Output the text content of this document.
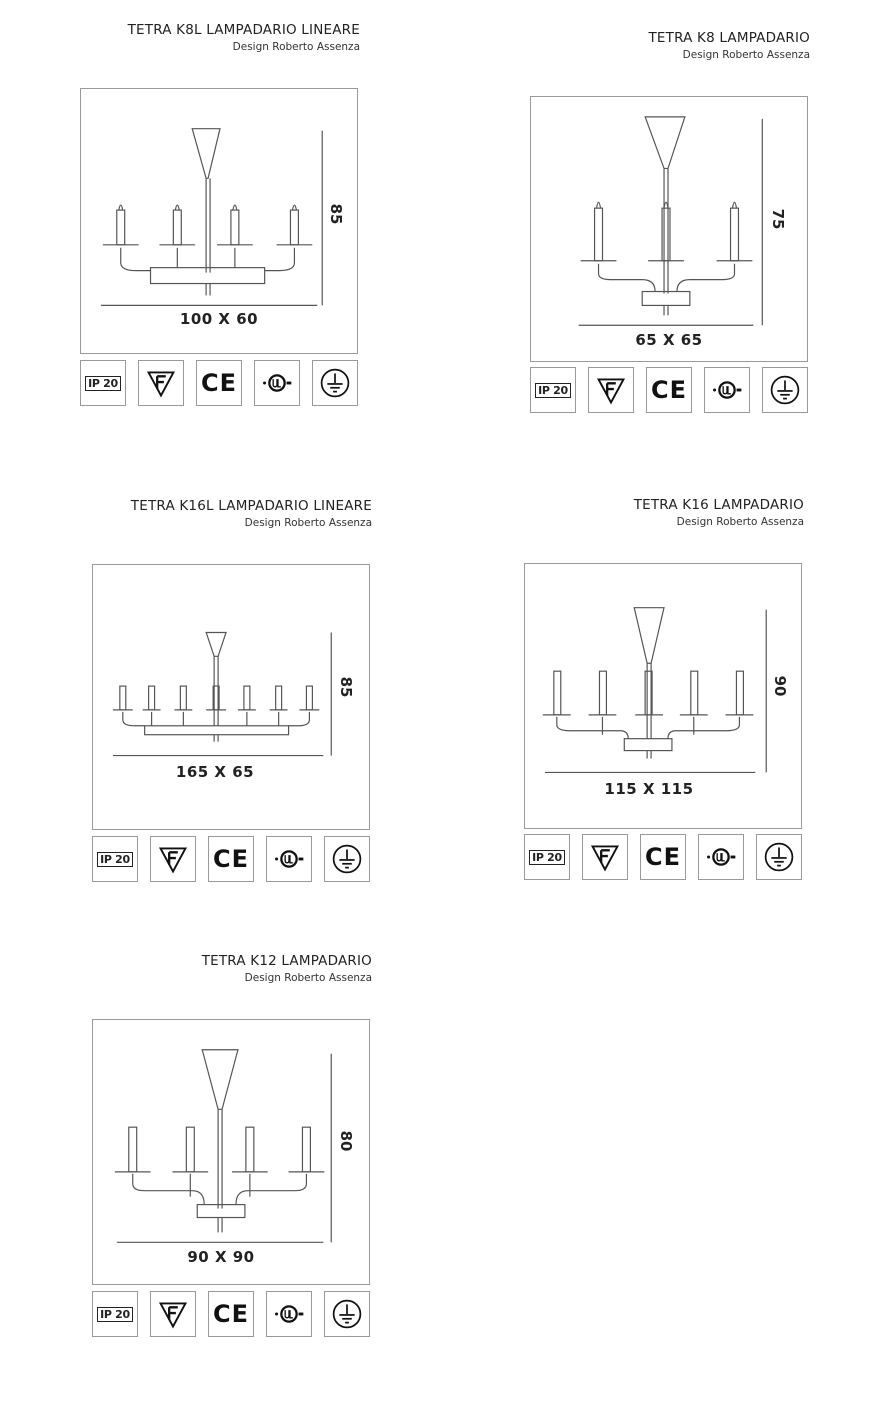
TETRA K8L LAMPADARIO LINEARE
Design Roberto Assenza
100 X 60
85
IP 20	CE
TETRA K8 LAMPADARIO
Design Roberto Assenza
65 X 65
75
IP 20	CE
TETRA K16L LAMPADARIO LINEARE
Design Roberto Assenza
165 X 65
85
IP 20	CE
TETRA K16 LAMPADARIO
Design Roberto Assenza
115 X 115
90
IP 20	CE
TETRA K12 LAMPADARIO
Design Roberto Assenza
90 X 90
80
IP 20	CE
